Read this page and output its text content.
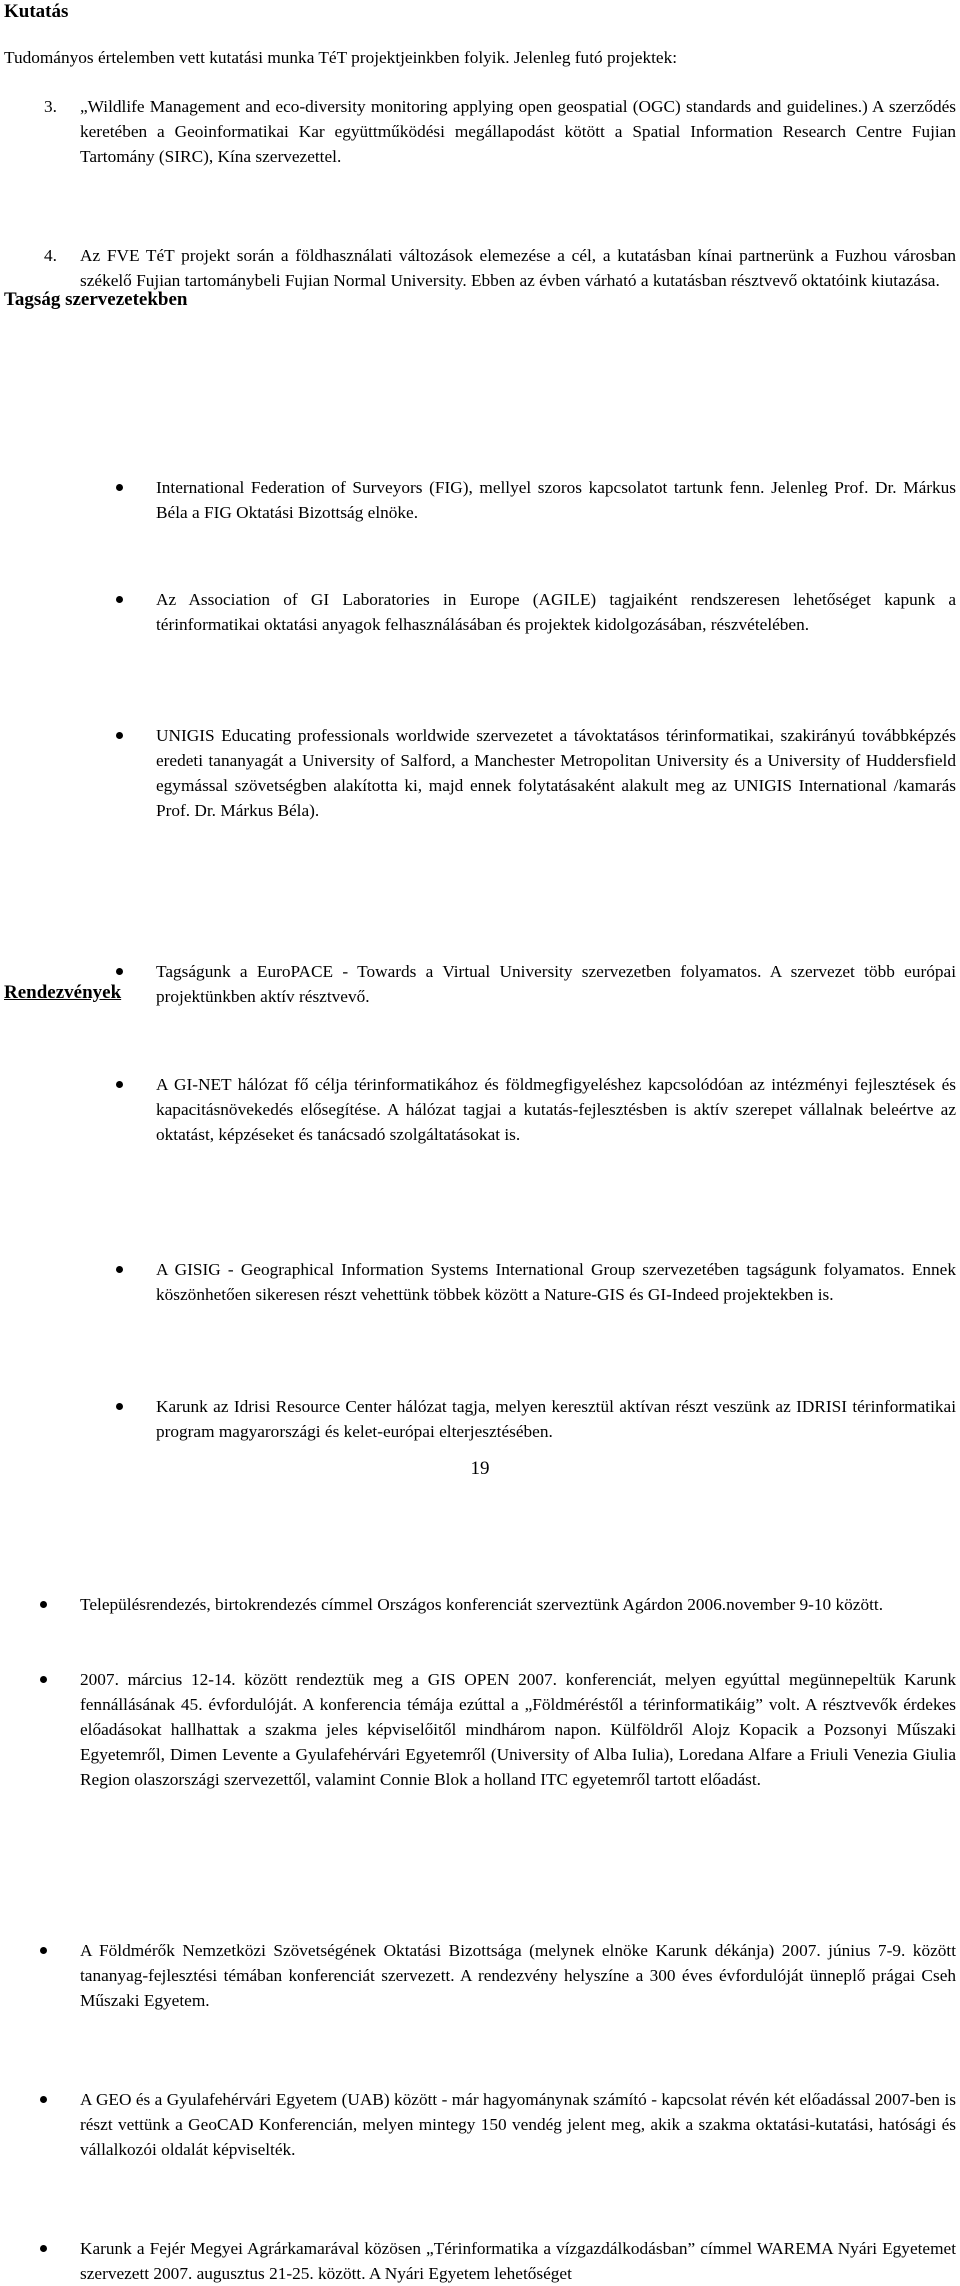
Kutatás

Tudományos értelemben vett kutatási munka TéT projektjeinkben folyik. Jelenleg futó projektek:

3. „Wildlife Management and eco-diversity monitoring applying open geospatial (OGC) standards and guidelines.) A szerződés keretében a Geoinformatikai Kar együttműködési megállapodást kötött a Spatial Information Research Centre Fujian Tartomány (SIRC), Kína szervezettel.

4. Az FVE TéT projekt során a földhasználati változások elemezése a cél, a kutatásban kínai partnerünk a Fuzhou városban székelő Fujian tartománybeli Fujian Normal University. Ebben az évben várható a kutatásban résztvevő oktatóink kiutazása.

Tagság szervezetekben

International Federation of Surveyors (FIG), mellyel szoros kapcsolatot tartunk fenn. Jelenleg Prof. Dr. Márkus Béla a FIG Oktatási Bizottság elnöke.

Az Association of GI Laboratories in Europe (AGILE) tagjaiként rendszeresen lehetőséget kapunk a térinformatikai oktatási anyagok felhasználásában és projektek kidolgozásában, részvételében.

UNIGIS Educating professionals worldwide szervezetet a távoktatásos térinformatikai, szakirányú továbbképzés eredeti tananyagát a University of Salford, a Manchester Metropolitan University és a University of Huddersfield egymással szövetségben alakította ki, majd ennek folytatásaként alakult meg az UNIGIS International /kamarás Prof. Dr. Márkus Béla).

Tagságunk a EuroPACE - Towards a Virtual University szervezetben folyamatos. A szervezet több európai projektünkben aktív résztvevő.

A GI-NET hálózat fő célja térinformatikához és földmegfigyeléshez kapcsolódóan az intézményi fejlesztések és kapacitásnövekedés elősegítése. A hálózat tagjai a kutatás-fejlesztésben is aktív szerepet vállalnak beleértve az oktatást, képzéseket és tanácsadó szolgáltatásokat is.

A GISIG - Geographical Information Systems International Group szervezetében tagságunk folyamatos. Ennek köszönhetően sikeresen részt vehettünk többek között a Nature-GIS és GI-Indeed projektekben is.

Karunk az Idrisi Resource Center hálózat tagja, melyen keresztül aktívan részt veszünk az IDRISI térinformatikai program magyarországi és kelet-európai elterjesztésében.

Rendezvények

Településrendezés, birtokrendezés címmel Országos konferenciát szerveztünk Agárdon 2006.november 9-10 között.

2007. március 12-14. között rendeztük meg a GIS OPEN 2007. konferenciát, melyen egyúttal megünnepeltük Karunk fennállásának 45. évfordulóját. A konferencia témája ezúttal a „Földméréstől a térinformatikáig” volt. A résztvevők érdekes előadásokat hallhattak a szakma jeles képviselőitől mindhárom napon. Külföldről Alojz Kopacik a Pozsonyi Műszaki Egyetemről, Dimen Levente a Gyulafehérvári Egyetemről (University of Alba Iulia), Loredana Alfare a Friuli Venezia Giulia Region olaszországi szervezettől, valamint Connie Blok a holland ITC egyetemről tartott előadást.

A Földmérők Nemzetközi Szövetségének Oktatási Bizottsága (melynek elnöke Karunk dékánja) 2007. június 7-9. között tananyag-fejlesztési témában konferenciát szervezett. A rendezvény helyszíne a 300 éves évfordulóját ünneplő prágai Cseh Műszaki Egyetem.

A GEO és a Gyulafehérvári Egyetem (UAB) között - már hagyománynak számító - kapcsolat révén két előadással 2007-ben is részt vettünk a GeoCAD Konferencián, melyen mintegy 150 vendég jelent meg, akik a szakma oktatási-kutatási, hatósági és vállalkozói oldalát képviselték.

Karunk a Fejér Megyei Agrárkamarával közösen „Térinformatika a vízgazdálkodásban” címmel WAREMA Nyári Egyetemet szervezett 2007. augusztus 21-25. között. A Nyári Egyetem lehetőséget

19
